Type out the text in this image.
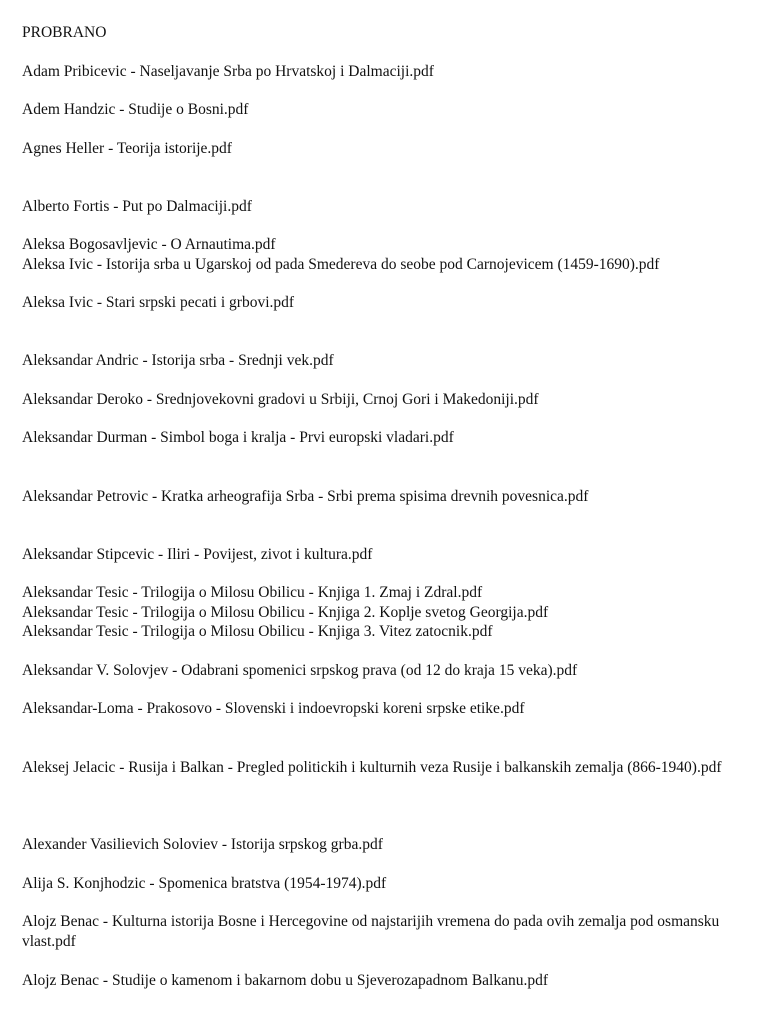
PROBRANO
Adam Pribicevic - Naseljavanje Srba po Hrvatskoj i Dalmaciji.pdf
Adem Handzic - Studije o Bosni.pdf
Agnes Heller - Teorija istorije.pdf
Alberto Fortis - Put po Dalmaciji.pdf
Aleksa Bogosavljevic - O Arnautima.pdf
Aleksa Ivic - Istorija srba u Ugarskoj od pada Smedereva do seobe pod Carnojevicem (1459-1690).pdf
Aleksa Ivic - Stari srpski pecati i grbovi.pdf
Aleksandar Andric - Istorija srba - Srednji vek.pdf
Aleksandar Deroko - Srednjovekovni gradovi u Srbiji, Crnoj Gori i Makedoniji.pdf
Aleksandar Durman - Simbol boga i kralja - Prvi europski vladari.pdf
Aleksandar Petrovic - Kratka arheografija Srba - Srbi prema spisima drevnih povesnica.pdf
Aleksandar Stipcevic - Iliri - Povijest, zivot i kultura.pdf
Aleksandar Tesic - Trilogija o Milosu Obilicu - Knjiga 1. Zmaj i Zdral.pdf
Aleksandar Tesic - Trilogija o Milosu Obilicu - Knjiga 2. Koplje svetog Georgija.pdf
Aleksandar Tesic - Trilogija o Milosu Obilicu - Knjiga 3. Vitez zatocnik.pdf
Aleksandar V. Solovjev - Odabrani spomenici srpskog prava (od 12 do kraja 15 veka).pdf
Aleksandar-Loma - Prakosovo - Slovenski i indoevropski koreni srpske etike.pdf
Aleksej Jelacic - Rusija i Balkan - Pregled politickih i kulturnih veza Rusije i balkanskih zemalja (866-1940).pdf
Alexander Vasilievich Soloviev - Istorija srpskog grba.pdf
Alija S. Konjhodzic - Spomenica bratstva (1954-1974).pdf
Alojz Benac - Kulturna istorija Bosne i Hercegovine od najstarijih vremena do pada ovih zemalja pod osmansku vlast.pdf
Alojz Benac - Studije o kamenom i bakarnom dobu u Sjeverozapadnom Balkanu.pdf
